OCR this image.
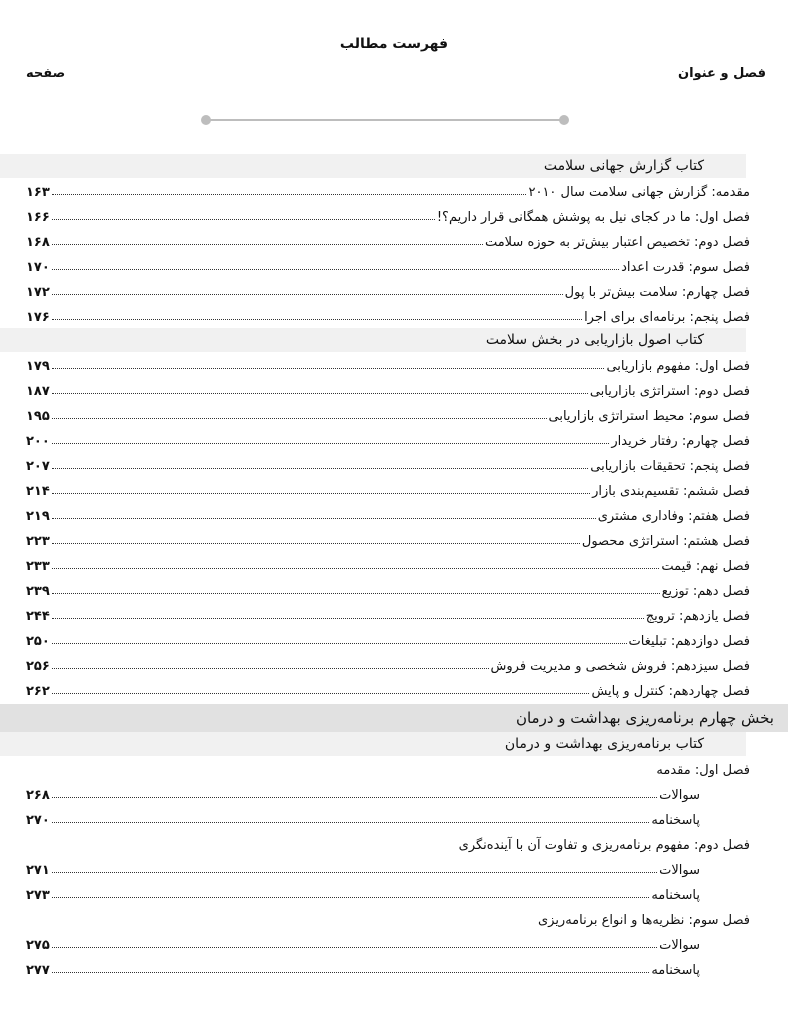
فهرست مطالب
فصل و عنوان
صفحه
کتاب گزارش جهانی سلامت
مقدمه: گزارش جهانی سلامت سال ۲۰۱۰
۱۶۳
فصل اول: ما در کجای نیل به پوشش همگانی قرار داریم؟!
۱۶۶
فصل دوم: تخصیص اعتبار بیش‌تر به حوزه سلامت
۱۶۸
فصل سوم: قدرت اعداد
۱۷۰
فصل چهارم: سلامت بیش‌تر با پول
۱۷۲
فصل پنجم: برنامه‌ای برای اجرا
۱۷۶
کتاب اصول بازاریابی در بخش سلامت
فصل اول: مفهوم بازاریابی
۱۷۹
فصل دوم: استراتژی بازاریابی
۱۸۷
فصل سوم: محیط استراتژی بازاریابی
۱۹۵
فصل چهارم: رفتار خریدار
۲۰۰
فصل پنجم: تحقیقات بازاریابی
۲۰۷
فصل ششم: تقسیم‌بندی بازار
۲۱۴
فصل هفتم: وفاداری مشتری
۲۱۹
فصل هشتم: استراتژی محصول
۲۲۳
فصل نهم: قیمت
۲۳۳
فصل دهم: توزیع
۲۳۹
فصل یازدهم: ترویج
۲۴۴
فصل دوازدهم: تبلیغات
۲۵۰
فصل سیزدهم: فروش شخصی و مدیریت فروش
۲۵۶
فصل چهاردهم: کنترل و پایش
۲۶۲
بخش چهارم برنامه‌ریزی بهداشت و درمان
کتاب برنامه‌ریزی بهداشت و درمان
فصل اول: مقدمه
سوالات
۲۶۸
پاسخنامه
۲۷۰
فصل دوم: مفهوم برنامه‌ریزی و تفاوت آن با آینده‌نگری
سوالات
۲۷۱
پاسخنامه
۲۷۳
فصل سوم: نظریه‌ها و انواع برنامه‌ریزی
سوالات
۲۷۵
پاسخنامه
۲۷۷
